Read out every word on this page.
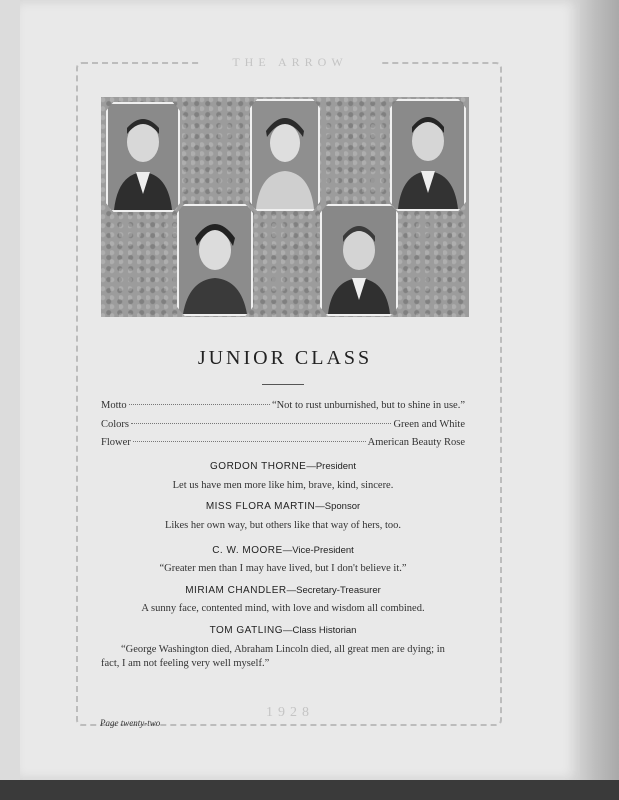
THE ARROW
1928
JUNIOR CLASS
Motto	“Not to rust unburnished, but to shine in use.”
Colors	Green and White
Flower	American Beauty Rose
GORDON THORNE—President
Let us have men more like him, brave, kind, sincere.
MISS FLORA MARTIN—Sponsor
Likes her own way, but others like that way of hers, too.
C. W. MOORE—Vice-President
“Greater men than I may have lived, but I don't believe it.”
MIRIAM CHANDLER—Secretary-Treasurer
A sunny face, contented mind, with love and wisdom all combined.
TOM GATLING—Class Historian
“George Washington died, Abraham Lincoln died, all great men are dying; in fact, I am not feeling very well myself.”
Page twenty-two
